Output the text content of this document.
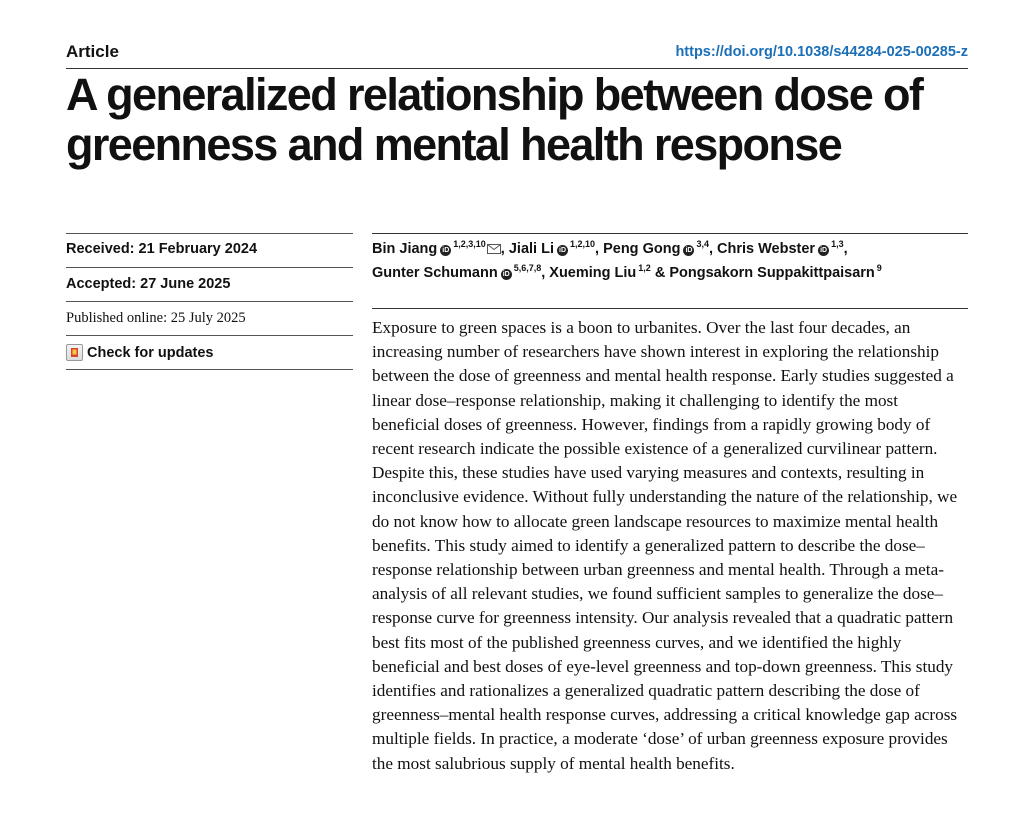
Article	https://doi.org/10.1038/s44284-025-00285-z
A generalized relationship between dose of greenness and mental health response
Received: 21 February 2024
Accepted: 27 June 2025
Published online: 25 July 2025
Check for updates
Bin Jiang iD$^{1,2,3,10}$ , Jiali Li iD$^{1,2,10}$, Peng Gong iD$^{3,4}$, Chris Webster iD$^{1,3}$, Gunter Schumann iD$^{5,6,7,8}$, Xueming Liu $^{1,2}$ & Pongsakorn Suppakittpaisarn $^9$

Exposure to green spaces is a boon to urbanites. Over the last four decades, an increasing number of researchers have shown interest in exploring the relationship between the dose of greenness and mental health response. Early studies suggested a linear dose–response relationship, making it challenging to identify the most beneficial doses of greenness. However, findings from a rapidly growing body of recent research indicate the possible existence of a generalized curvilinear pattern. Despite this, these studies have used varying measures and contexts, resulting in inconclusive evidence. Without fully understanding the nature of the relationship, we do not know how to allocate green landscape resources to maximize mental health benefits. This study aimed to identify a generalized pattern to describe the dose–response relationship between urban greenness and mental health. Through a meta-analysis of all relevant studies, we found sufficient samples to generalize the dose–response curve for greenness intensity. Our analysis revealed that a quadratic pattern best fits most of the published greenness curves, and we identified the highly beneficial and best doses of eye-level greenness and top-down greenness. This study identifies and rationalizes a generalized quadratic pattern describing the dose of greenness–mental health response curves, addressing a critical knowledge gap across multiple fields. In practice, a moderate ‘dose’ of urban greenness exposure provides the most salubrious supply of mental health benefits.
